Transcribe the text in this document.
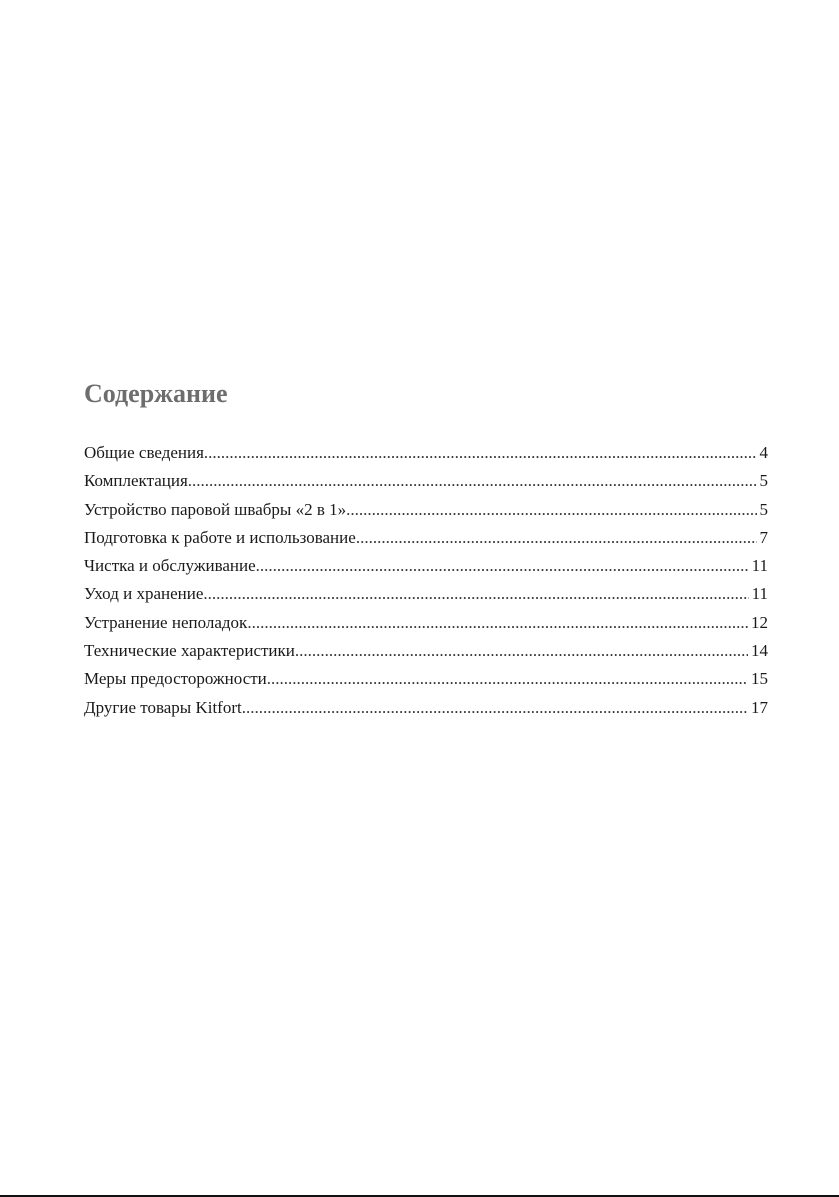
Содержание
Общие сведения .....	4
Комплектация .....	5
Устройство паровой швабры «2 в 1» .....	5
Подготовка к работе и использование .....	7
Чистка и обслуживание .....	11
Уход и хранение .....	11
Устранение неполадок .....	12
Технические характеристики .....	14
Меры предосторожности .....	15
Другие товары Kitfort .....	17
